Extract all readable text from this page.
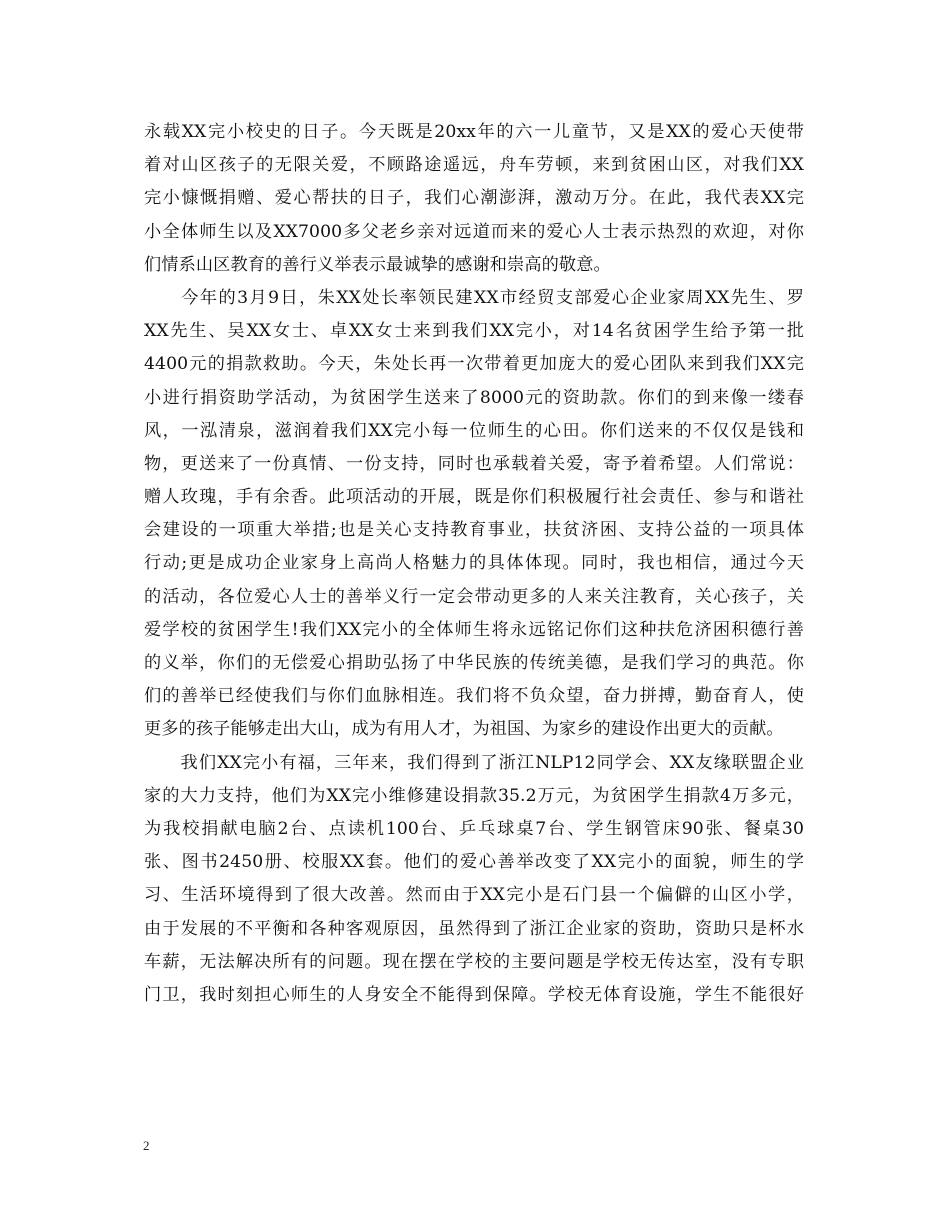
永载XX完小校史的日子。今天既是20xx年的六一儿童节，又是XX的爱心天使带
着对山区孩子的无限关爱，不顾路途遥远，舟车劳顿，来到贫困山区，对我们XX
完小慷慨捐赠、爱心帮扶的日子，我们心潮澎湃，激动万分。在此，我代表XX完
小全体师生以及XX7000多父老乡亲对远道而来的爱心人士表示热烈的欢迎，对你
们情系山区教育的善行义举表示最诚挚的感谢和崇高的敬意。
　　今年的3月9日，朱XX处长率领民建XX市经贸支部爱心企业家周XX先生、罗
XX先生、吴XX女士、卓XX女士来到我们XX完小，对14名贫困学生给予第一批
4400元的捐款救助。今天，朱处长再一次带着更加庞大的爱心团队来到我们XX完
小进行捐资助学活动，为贫困学生送来了8000元的资助款。你们的到来像一缕春
风，一泓清泉，滋润着我们XX完小每一位师生的心田。你们送来的不仅仅是钱和
物，更送来了一份真情、一份支持，同时也承载着关爱，寄予着希望。人们常说：
赠人玫瑰，手有余香。此项活动的开展，既是你们积极履行社会责任、参与和谐社
会建设的一项重大举措;也是关心支持教育事业，扶贫济困、支持公益的一项具体
行动;更是成功企业家身上高尚人格魅力的具体体现。同时，我也相信，通过今天
的活动，各位爱心人士的善举义行一定会带动更多的人来关注教育，关心孩子，关
爱学校的贫困学生!我们XX完小的全体师生将永远铭记你们这种扶危济困积德行善
的义举，你们的无偿爱心捐助弘扬了中华民族的传统美德，是我们学习的典范。你
们的善举已经使我们与你们血脉相连。我们将不负众望，奋力拼搏，勤奋育人，使
更多的孩子能够走出大山，成为有用人才，为祖国、为家乡的建设作出更大的贡献。
　　我们XX完小有福，三年来，我们得到了浙江NLP12同学会、XX友缘联盟企业
家的大力支持，他们为XX完小维修建设捐款35.2万元，为贫困学生捐款4万多元，
为我校捐献电脑2台、点读机100台、乒乓球桌7台、学生钢管床90张、餐桌30
张、图书2450册、校服XX套。他们的爱心善举改变了XX完小的面貌，师生的学
习、生活环境得到了很大改善。然而由于XX完小是石门县一个偏僻的山区小学，
由于发展的不平衡和各种客观原因，虽然得到了浙江企业家的资助，资助只是杯水
车薪，无法解决所有的问题。现在摆在学校的主要问题是学校无传达室，没有专职
门卫，我时刻担心师生的人身安全不能得到保障。学校无体育设施，学生不能很好
2
